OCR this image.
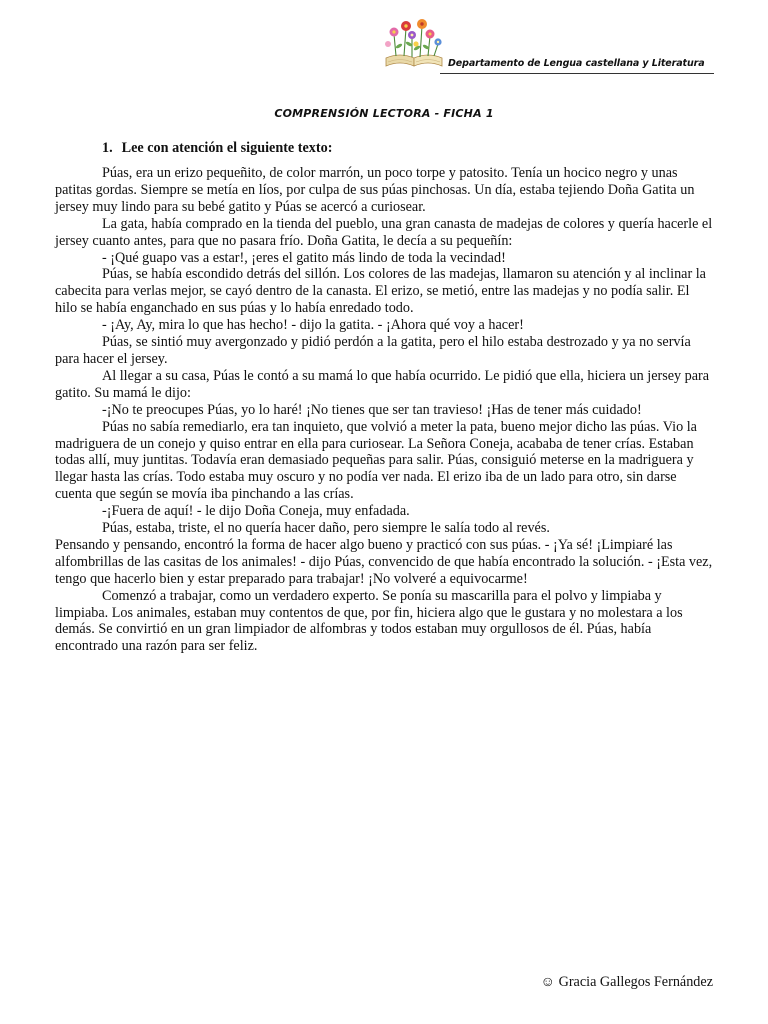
Departamento de Lengua castellana y Literatura
COMPRENSIÓN LECTORA - FICHA 1
1. Lee con atención el siguiente texto:

Púas, era un erizo pequeñito, de color marrón, un poco torpe y patosito. Tenía un hocico negro y unas patitas gordas. Siempre se metía en líos, por culpa de sus púas pinchosas. Un día, estaba tejiendo Doña Gatita un jersey muy lindo para su bebé gatito y Púas se acercó a curiosear.

La gata, había comprado en la tienda del pueblo, una gran canasta de madejas de colores y quería hacerle el jersey cuanto antes, para que no pasara frío. Doña Gatita, le decía a su pequeñín:

- ¡Qué guapo vas a estar!, ¡eres el gatito más lindo de toda la vecindad!

Púas, se había escondido detrás del sillón. Los colores de las madejas, llamaron su atención y al inclinar la cabecita para verlas mejor, se cayó dentro de la canasta. El erizo, se metió, entre las madejas y no podía salir. El hilo se había enganchado en sus púas y lo había enredado todo.

- ¡Ay, Ay, mira lo que has hecho! - dijo la gatita. - ¡Ahora qué voy a hacer!

Púas, se sintió muy avergonzado y pidió perdón a la gatita, pero el hilo estaba destrozado y ya no servía para hacer el jersey.

Al llegar a su casa, Púas le contó a su mamá lo que había ocurrido. Le pidió que ella, hiciera un jersey para gatito. Su mamá le dijo:

-¡No te preocupes Púas, yo lo haré! ¡No tienes que ser tan travieso! ¡Has de tener más cuidado!

Púas no sabía remediarlo, era tan inquieto, que volvió a meter la pata, bueno mejor dicho las púas. Vio la madriguera de un conejo y quiso entrar en ella para curiosear. La Señora Coneja, acababa de tener crías. Estaban todas allí, muy juntitas. Todavía eran demasiado pequeñas para salir. Púas, consiguió meterse en la madriguera y llegar hasta las crías. Todo estaba muy oscuro y no podía ver nada. El erizo iba de un lado para otro, sin darse cuenta que según se movía iba pinchando a las crías.

-¡Fuera de aquí! - le dijo Doña Coneja, muy enfadada.

Púas, estaba, triste, el no quería hacer daño, pero siempre le salía todo al revés.

Pensando y pensando, encontró la forma de hacer algo bueno y practicó con sus púas. - ¡Ya sé! ¡Limpiaré las alfombrillas de las casitas de los animales! - dijo Púas, convencido de que había encontrado la solución. - ¡Esta vez, tengo que hacerlo bien y estar preparado para trabajar! ¡No volveré a equivocarme!

Comenzó a trabajar, como un verdadero experto. Se ponía su mascarilla para el polvo y limpiaba y limpiaba. Los animales, estaban muy contentos de que, por fin, hiciera algo que le gustara y no molestara a los demás. Se convirtió en un gran limpiador de alfombras y todos estaban muy orgullosos de él. Púas, había encontrado una razón para ser feliz.

☺ Gracia Gallegos Fernández
